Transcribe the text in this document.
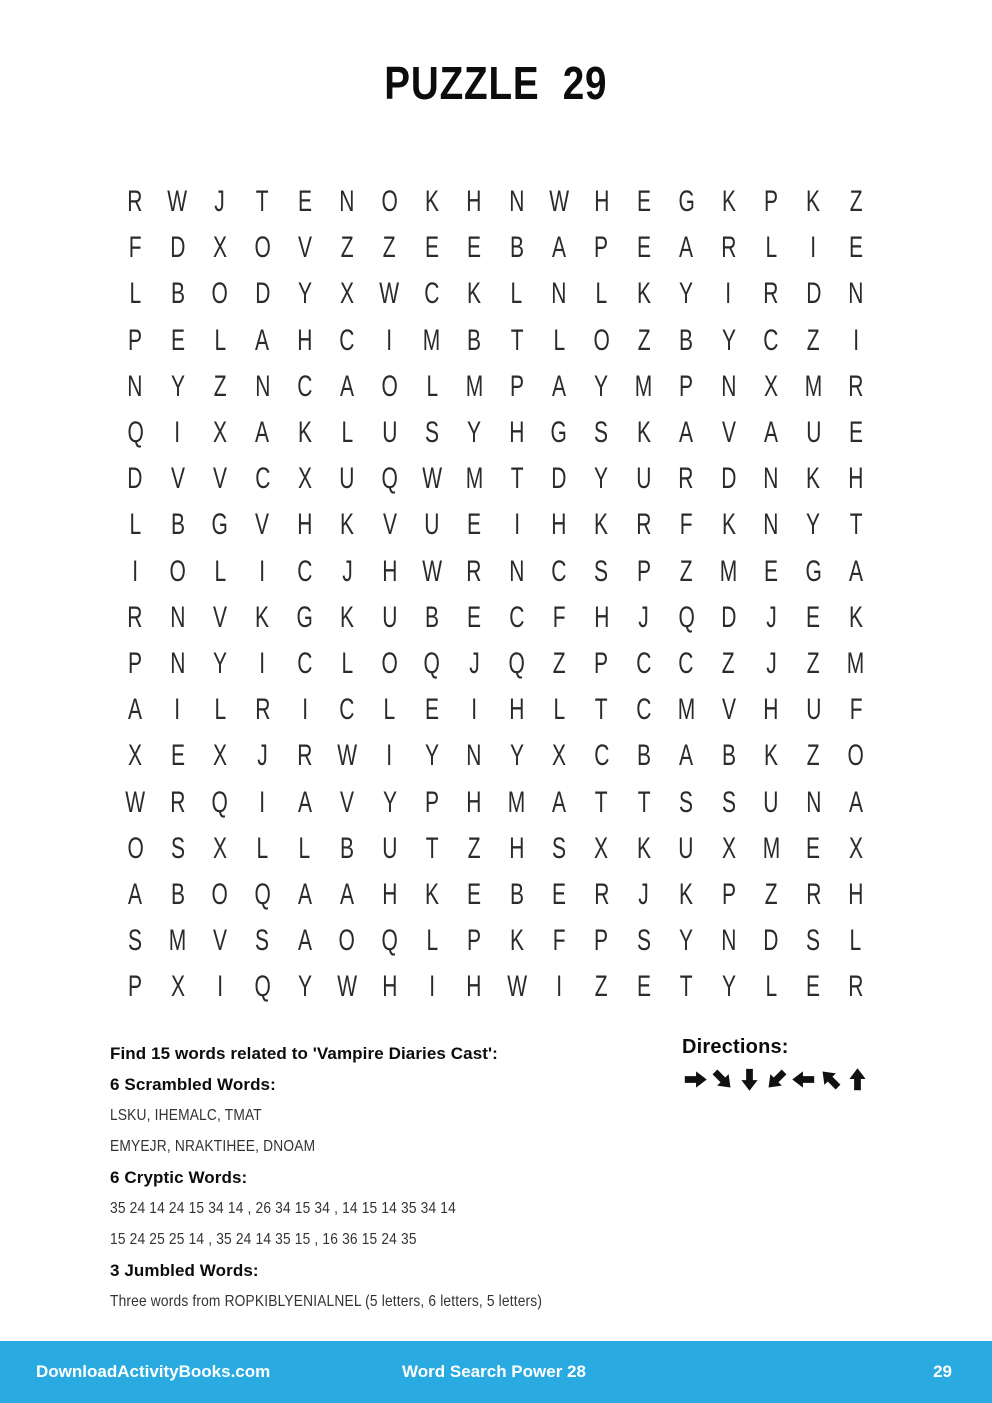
PUZZLE  29
R W J T E N O K H N W H E G K P K Z
F D X O V Z Z E E B A P E A R L I E
L B O D Y X W C K L N L K Y I R D N
P E L A H C I M B T L O Z B Y C Z I
N Y Z N C A O L M P A Y M P N X M R
Q I X A K L U S Y H G S K A V A U E
D V V C X U Q W M T D Y U R D N K H
L B G V H K V U E I H K R F K N Y T
I O L I C J H W R N C S P Z M E G A
R N V K G K U B E C F H J Q D J E K
P N Y I C L O Q J Q Z P C C Z J Z M
A I L R I C L E I H L T C M V H U F
X E X J R W I Y N Y X C B A B K Z O
W R Q I A V Y P H M A T T S S U N A
O S X L L B U T Z H S X K U X M E X
A B O Q A A H K E B E R J K P Z R H
S M V S A O Q L P K F P S Y N D S L
P X I Q Y W H I H W I Z E T Y L E R
Find 15 words related to 'Vampire Diaries Cast':
6 Scrambled Words:
LSKU, IHEMALC, TMAT
EMYEJR, NRAKTIHEE, DNOAM
6 Cryptic Words:
35 24 14 24 15 34 14 , 26 34 15 34 , 14 15 14 35 34 14
15 24 25 25 14 , 35 24 14 35 15 , 16 36 15 24 35
3 Jumbled Words:
Three words from ROPKIBLYENIALNEL (5 letters, 6 letters, 5 letters)
Directions:
DownloadActivityBooks.com	Word Search Power 28	29
